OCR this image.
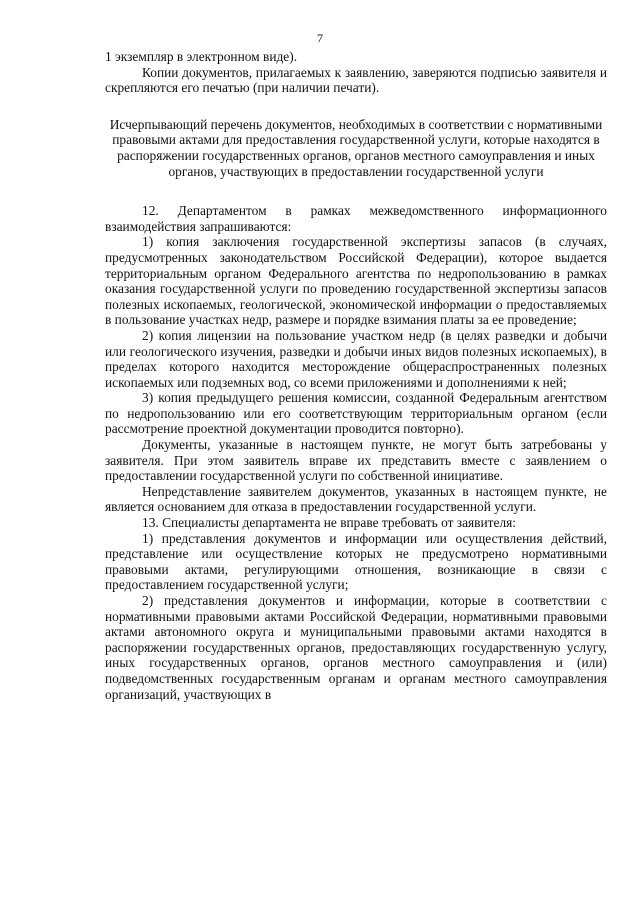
7

1 экземпляр в электронном виде).

Копии документов, прилагаемых к заявлению, заверяются подписью заявителя и скрепляются его печатью (при наличии печати).

Исчерпывающий перечень документов, необходимых в соответствии с нормативными правовыми актами для предоставления государственной услуги, которые находятся в распоряжении государственных органов, органов местного самоуправления и иных органов, участвующих в предоставлении государственной услуги

12. Департаментом в рамках межведомственного информационного взаимодействия запрашиваются:

1) копия заключения государственной экспертизы запасов (в случаях, предусмотренных законодательством Российской Федерации), которое выдается территориальным органом Федерального агентства по недропользованию в рамках оказания государственной услуги по проведению государственной экспертизы запасов полезных ископаемых, геологической, экономической информации о предоставляемых в пользование участках недр, размере и порядке взимания платы за ее проведение;

2) копия лицензии на пользование участком недр (в целях разведки и добычи или геологического изучения, разведки и добычи иных видов полезных ископаемых), в пределах которого находится месторождение общераспространенных полезных ископаемых или подземных вод, со всеми приложениями и дополнениями к ней;

3) копия предыдущего решения комиссии, созданной Федеральным агентством по недропользованию или его соответствующим территориальным органом (если рассмотрение проектной документации проводится повторно).

Документы, указанные в настоящем пункте, не могут быть затребованы у заявителя. При этом заявитель вправе их представить вместе с заявлением о предоставлении государственной услуги по собственной инициативе.

Непредставление заявителем документов, указанных в настоящем пункте, не является основанием для отказа в предоставлении государственной услуги.

13. Специалисты департамента не вправе требовать от заявителя:

1) представления документов и информации или осуществления действий, представление или осуществление которых не предусмотрено нормативными правовыми актами, регулирующими отношения, возникающие в связи с предоставлением государственной услуги;

2) представления документов и информации, которые в соответствии с нормативными правовыми актами Российской Федерации, нормативными правовыми актами автономного округа и муниципальными правовыми актами находятся в распоряжении государственных органов, предоставляющих государственную услугу, иных государственных органов, органов местного самоуправления и (или) подведомственных государственным органам и органам местного самоуправления организаций, участвующих в
